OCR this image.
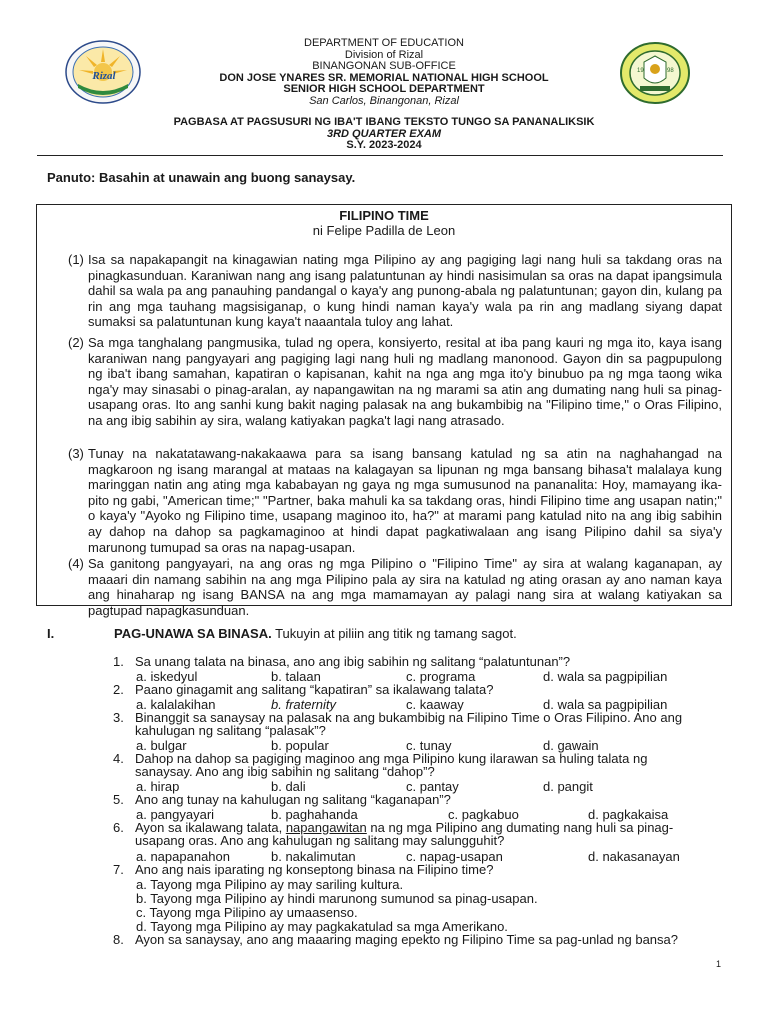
Rizal	19	98
DEPARTMENT OF EDUCATION
Division of Rizal
BINANGONAN SUB-OFFICE
DON JOSE YNARES SR. MEMORIAL NATIONAL HIGH SCHOOL
SENIOR HIGH SCHOOL DEPARTMENT
San Carlos, Binangonan, Rizal
PAGBASA AT PAGSUSURI NG IBA'T IBANG TEKSTO TUNGO SA PANANALIKSIK
3RD QUARTER EXAM
S.Y. 2023-2024
Panuto: Basahin at unawain ang buong sanaysay.
FILIPINO TIME
ni Felipe Padilla de Leon
(1) Isa sa napakapangit na kinagawian nating mga Pilipino ay ang pagiging lagi nang huli sa takdang oras na pinagkasunduan. Karaniwan nang ang isang palatuntunan ay hindi nasisimulan sa oras na dapat ipangsimula dahil sa wala pa ang panauhing pandangal o kaya'y ang punong-abala ng palatuntunan; gayon din, kulang pa rin ang mga tauhang magsisiganap, o kung hindi naman kaya'y wala pa rin ang madlang siyang dapat sumaksi sa palatuntunan kung kaya't naaantala tuloy ang lahat.
(2) Sa mga tanghalang pangmusika, tulad ng opera, konsiyerto, resital at iba pang kauri ng mga ito, kaya isang karaniwan nang pangyayari ang pagiging lagi nang huli ng madlang manonood. Gayon din sa pagpupulong ng iba't ibang samahan, kapatiran o kapisanan, kahit na nga ang mga ito'y binubuo pa ng mga taong wika nga'y may sinasabi o pinag-aralan, ay napangawitan na ng marami sa atin ang dumating nang huli sa pinag-usapang oras. Ito ang sanhi kung bakit naging palasak na ang bukambibig na "Filipino time," o Oras Filipino, na ang ibig sabihin ay sira, walang katiyakan pagka't lagi nang atrasado.
(3) Tunay na nakatatawang-nakakaawa para sa isang bansang katulad ng sa atin na naghahangad na magkaroon ng isang marangal at mataas na kalagayan sa lipunan ng mga bansang bihasa't malalaya kung maringgan natin ang ating mga kababayan ng gaya ng mga sumusunod na pananalita: Hoy, mamayang ika-pito ng gabi, "American time;" "Partner, baka mahuli ka sa takdang oras, hindi Filipino time ang usapan natin;" o kaya'y "Ayoko ng Filipino time, usapang maginoo ito, ha?" at marami pang katulad nito na ang ibig sabihin ay dahop na dahop sa pagkamaginoo at hindi dapat pagkatiwalaan ang isang Pilipino dahil sa siya'y marunong tumupad sa oras na napag-usapan.
(4) Sa ganitong pangyayari, na ang oras ng mga Pilipino o "Filipino Time" ay sira at walang kaganapan, ay maaari din namang sabihin na ang mga Pilipino pala ay sira na katulad ng ating orasan ay ano naman kaya ang hinaharap ng isang BANSA na ang mga mamamayan ay palagi nang sira at walang katiyakan sa pagtupad napagkasunduan.
I.	PAG-UNAWA SA BINASA. Tukuyin at piliin ang titik ng tamang sagot.
1. Sa unang talata na binasa, ano ang ibig sabihin ng salitang “palatuntunan”?
a. iskedyul	b. talaan	c. programa	d. wala sa pagpipilian
2. Paano ginagamit ang salitang “kapatiran” sa ikalawang talata?
a. kalalakihan	b. fraternity	c. kaaway	d. wala sa pagpipilian
3. Binanggit sa sanaysay na palasak na ang bukambibig na Filipino Time o Oras Filipino. Ano ang
kahulugan ng salitang “palasak”?
a. bulgar	b. popular	c. tunay	d. gawain
4. Dahop na dahop sa pagiging maginoo ang mga Pilipino kung ilarawan sa huling talata ng
sanaysay. Ano ang ibig sabihin ng salitang “dahop”?
a. hirap	b. dali	c. pantay	d. pangit
5. Ano ang tunay na kahulugan ng salitang “kaganapan”?
a. pangyayari	b. paghahanda	c. pagkabuo	d. pagkakaisa
6. Ayon sa ikalawang talata, napangawitan na ng mga Pilipino ang dumating nang huli sa pinag-
usapang oras. Ano ang kahulugan ng salitang may salungguhit?
a. napapanahon	b. nakalimutan	c. napag-usapan	d. nakasanayan
7. Ano ang nais iparating ng konseptong binasa na Filipino time?
a. Tayong mga Pilipino ay may sariling kultura.
b. Tayong mga Pilipino ay hindi marunong sumunod sa pinag-usapan.
c. Tayong mga Pilipino ay umaasenso.
d. Tayong mga Pilipino ay may pagkakatulad sa mga Amerikano.
8. Ayon sa sanaysay, ano ang maaaring maging epekto ng Filipino Time sa pag-unlad ng bansa?
1
